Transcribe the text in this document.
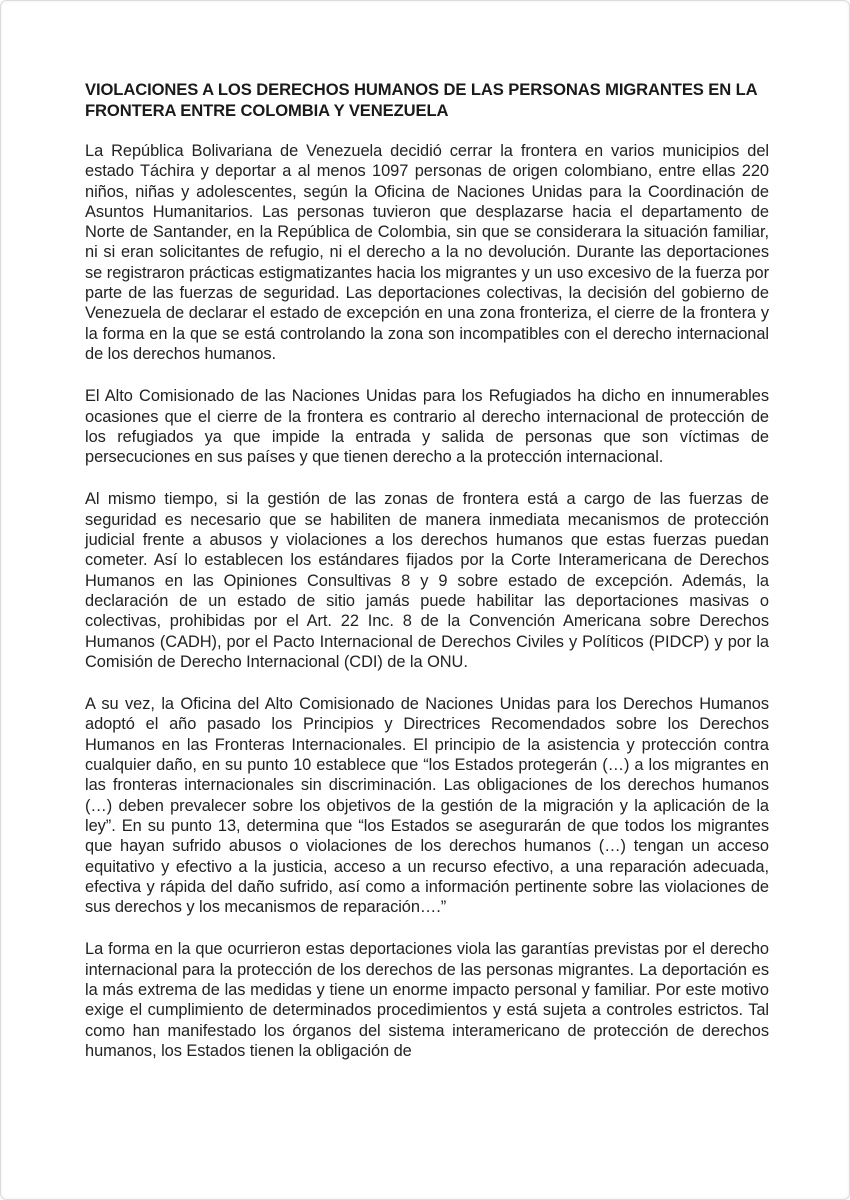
VIOLACIONES A LOS DERECHOS HUMANOS DE LAS PERSONAS MIGRANTES EN LA FRONTERA ENTRE COLOMBIA Y VENEZUELA

La República Bolivariana de Venezuela decidió cerrar la frontera en varios municipios del estado Táchira y deportar a al menos 1097 personas de origen colombiano, entre ellas 220 niños, niñas y adolescentes, según la Oficina de Naciones Unidas para la Coordinación de Asuntos Humanitarios. Las personas tuvieron que desplazarse hacia el departamento de Norte de Santander, en la República de Colombia, sin que se considerara la situación familiar, ni si eran solicitantes de refugio, ni el derecho a la no devolución. Durante las deportaciones se registraron prácticas estigmatizantes hacia los migrantes y un uso excesivo de la fuerza por parte de las fuerzas de seguridad. Las deportaciones colectivas, la decisión del gobierno de Venezuela de declarar el estado de excepción en una zona fronteriza, el cierre de la frontera y la forma en la que se está controlando la zona son incompatibles con el derecho internacional de los derechos humanos.

El Alto Comisionado de las Naciones Unidas para los Refugiados ha dicho en innumerables ocasiones que el cierre de la frontera es contrario al derecho internacional de protección de los refugiados ya que impide la entrada y salida de personas que son víctimas de persecuciones en sus países y que tienen derecho a la protección internacional.

Al mismo tiempo, si la gestión de las zonas de frontera está a cargo de las fuerzas de seguridad es necesario que se habiliten de manera inmediata mecanismos de protección judicial frente a abusos y violaciones a los derechos humanos que estas fuerzas puedan cometer. Así lo establecen los estándares fijados por la Corte Interamericana de Derechos Humanos en las Opiniones Consultivas 8 y 9 sobre estado de excepción. Además, la declaración de un estado de sitio jamás puede habilitar las deportaciones masivas o colectivas, prohibidas por el Art. 22 Inc. 8 de la Convención Americana sobre Derechos Humanos (CADH), por el Pacto Internacional de Derechos Civiles y Políticos (PIDCP) y por la Comisión de Derecho Internacional (CDI) de la ONU.

A su vez, la Oficina del Alto Comisionado de Naciones Unidas para los Derechos Humanos adoptó el año pasado los Principios y Directrices Recomendados sobre los Derechos Humanos en las Fronteras Internacionales. El principio de la asistencia y protección contra cualquier daño, en su punto 10 establece que “los Estados protegerán (…) a los migrantes en las fronteras internacionales sin discriminación. Las obligaciones de los derechos humanos (…) deben prevalecer sobre los objetivos de la gestión de la migración y la aplicación de la ley”. En su punto 13, determina que “los Estados se asegurarán de que todos los migrantes que hayan sufrido abusos o violaciones de los derechos humanos (…) tengan un acceso equitativo y efectivo a la justicia, acceso a un recurso efectivo, a una reparación adecuada, efectiva y rápida del daño sufrido, así como a información pertinente sobre las violaciones de sus derechos y los mecanismos de reparación….”

La forma en la que ocurrieron estas deportaciones viola las garantías previstas por el derecho internacional para la protección de los derechos de las personas migrantes. La deportación es la más extrema de las medidas y tiene un enorme impacto personal y familiar. Por este motivo exige el cumplimiento de determinados procedimientos y está sujeta a controles estrictos. Tal como han manifestado los órganos del sistema interamericano de protección de derechos humanos, los Estados tienen la obligación de
